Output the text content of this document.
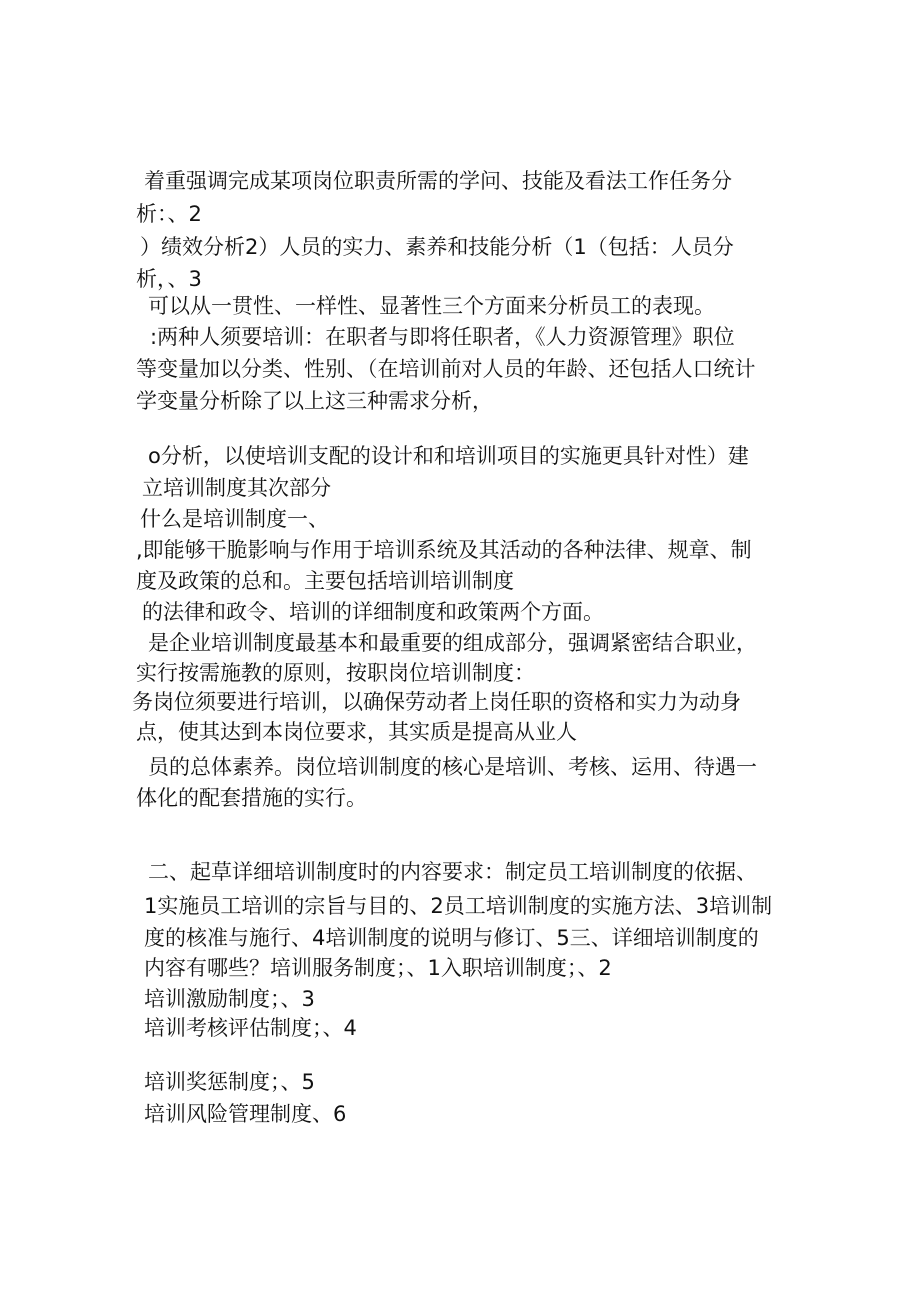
着重强调完成某项岗位职责所需的学问、技能及看法工作任务分
析：、2
）绩效分析2）人员的实力、素养和技能分析（1（包括：人员分
析，、3
可以从一贯性、一样性、显著性三个方面来分析员工的表现。
:两种人须要培训：在职者与即将任职者，《人力资源管理》职位
等变量加以分类、性别、（在培训前对人员的年龄、还包括人口统计
学变量分析除了以上这三种需求分析，
o分析，以使培训支配的设计和和培训项目的实施更具针对性）建
立培训制度其次部分
什么是培训制度一、
,即能够干脆影响与作用于培训系统及其活动的各种法律、规章、制
度及政策的总和。主要包括培训培训制度
的法律和政令、培训的详细制度和政策两个方面。
是企业培训制度最基本和最重要的组成部分，强调紧密结合职业，
实行按需施教的原则，按职岗位培训制度：
务岗位须要进行培训，以确保劳动者上岗任职的资格和实力为动身
点，使其达到本岗位要求，其实质是提高从业人
员的总体素养。岗位培训制度的核心是培训、考核、运用、待遇一
体化的配套措施的实行。
二、起草详细培训制度时的内容要求：制定员工培训制度的依据、
1实施员工培训的宗旨与目的、2员工培训制度的实施方法、3培训制
度的核准与施行、4培训制度的说明与修订、5三、详细培训制度的
内容有哪些？培训服务制度；、1入职培训制度；、2
培训激励制度；、3
培训考核评估制度；、4
培训奖惩制度；、5
培训风险管理制度、6
